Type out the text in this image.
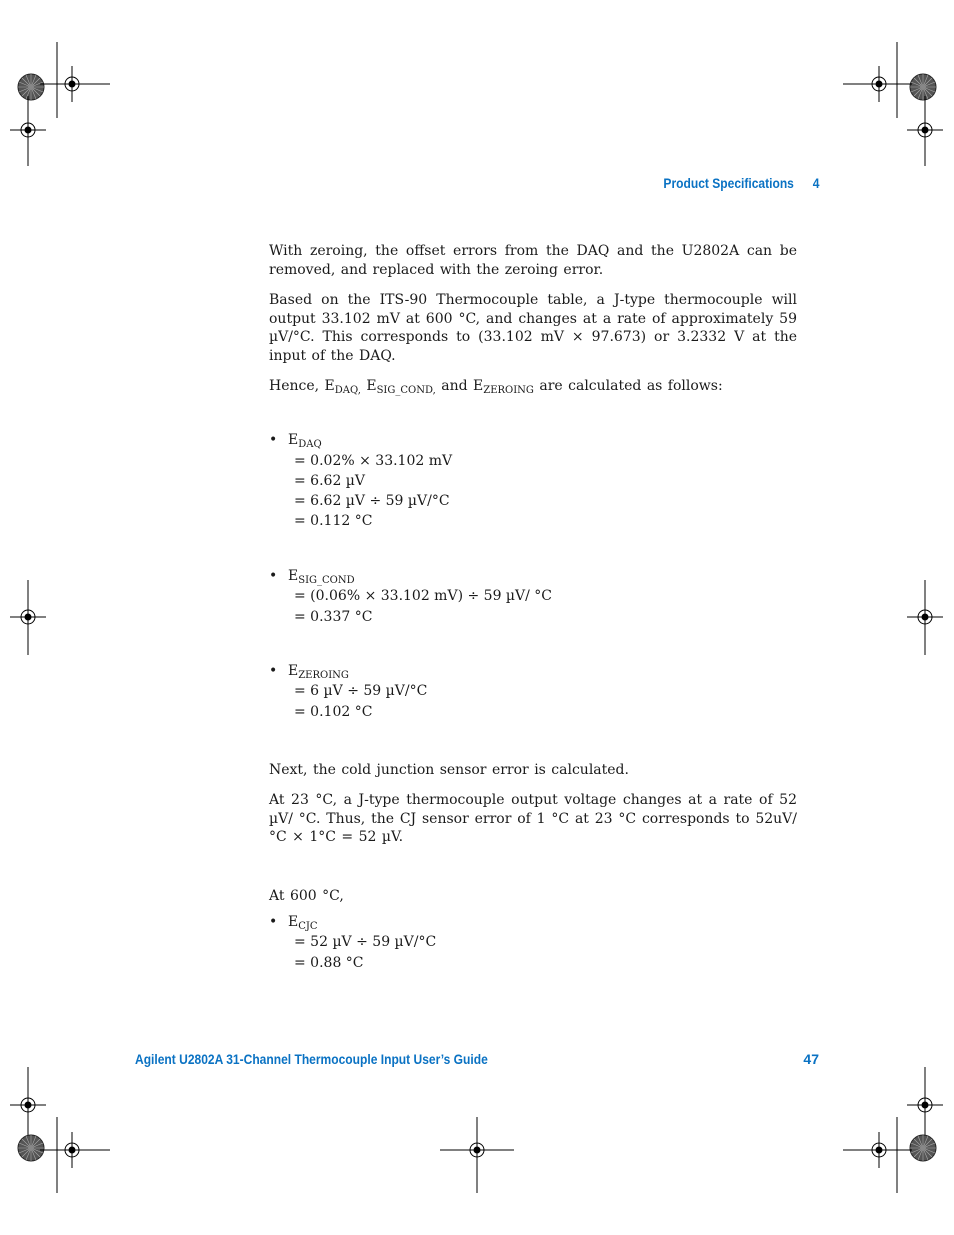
Product Specifications 4

With zeroing, the offset errors from the DAQ and the U2802A can be removed, and replaced with the zeroing error.

Based on the ITS-90 Thermocouple table, a J-type thermocouple will output 33.102 mV at 600 °C, and changes at a rate of approximately 59 µV/°C. This corresponds to (33.102 mV × 97.673) or 3.2332 V at the input of the DAQ.

Hence, $E_{DAQ,}$ $E_{SIG\_COND,}$ and $E_{ZEROING}$ are calculated as follows:

• $E_{DAQ}$
= 0.02% × 33.102 mV
= 6.62 µV
= 6.62 µV ÷ 59 µV/°C
= 0.112 °C
• $E_{SIG\_COND}$
= (0.06% × 33.102 mV) ÷ 59 µV/ °C
= 0.337 °C
• $E_{ZEROING}$
= 6 µV ÷ 59 µV/°C
= 0.102 °C

Next, the cold junction sensor error is calculated.

At 23 °C, a J-type thermocouple output voltage changes at a rate of 52 µV/ °C. Thus, the CJ sensor error of 1 °C at 23 °C corresponds to 52uV/ °C × 1°C = 52 µV.

At 600 °C,

• $E_{CJC}$
= 52 µV ÷ 59 µV/°C
= 0.88 °C
Agilent U2802A 31-Channel Thermocouple Input User’s Guide	47
